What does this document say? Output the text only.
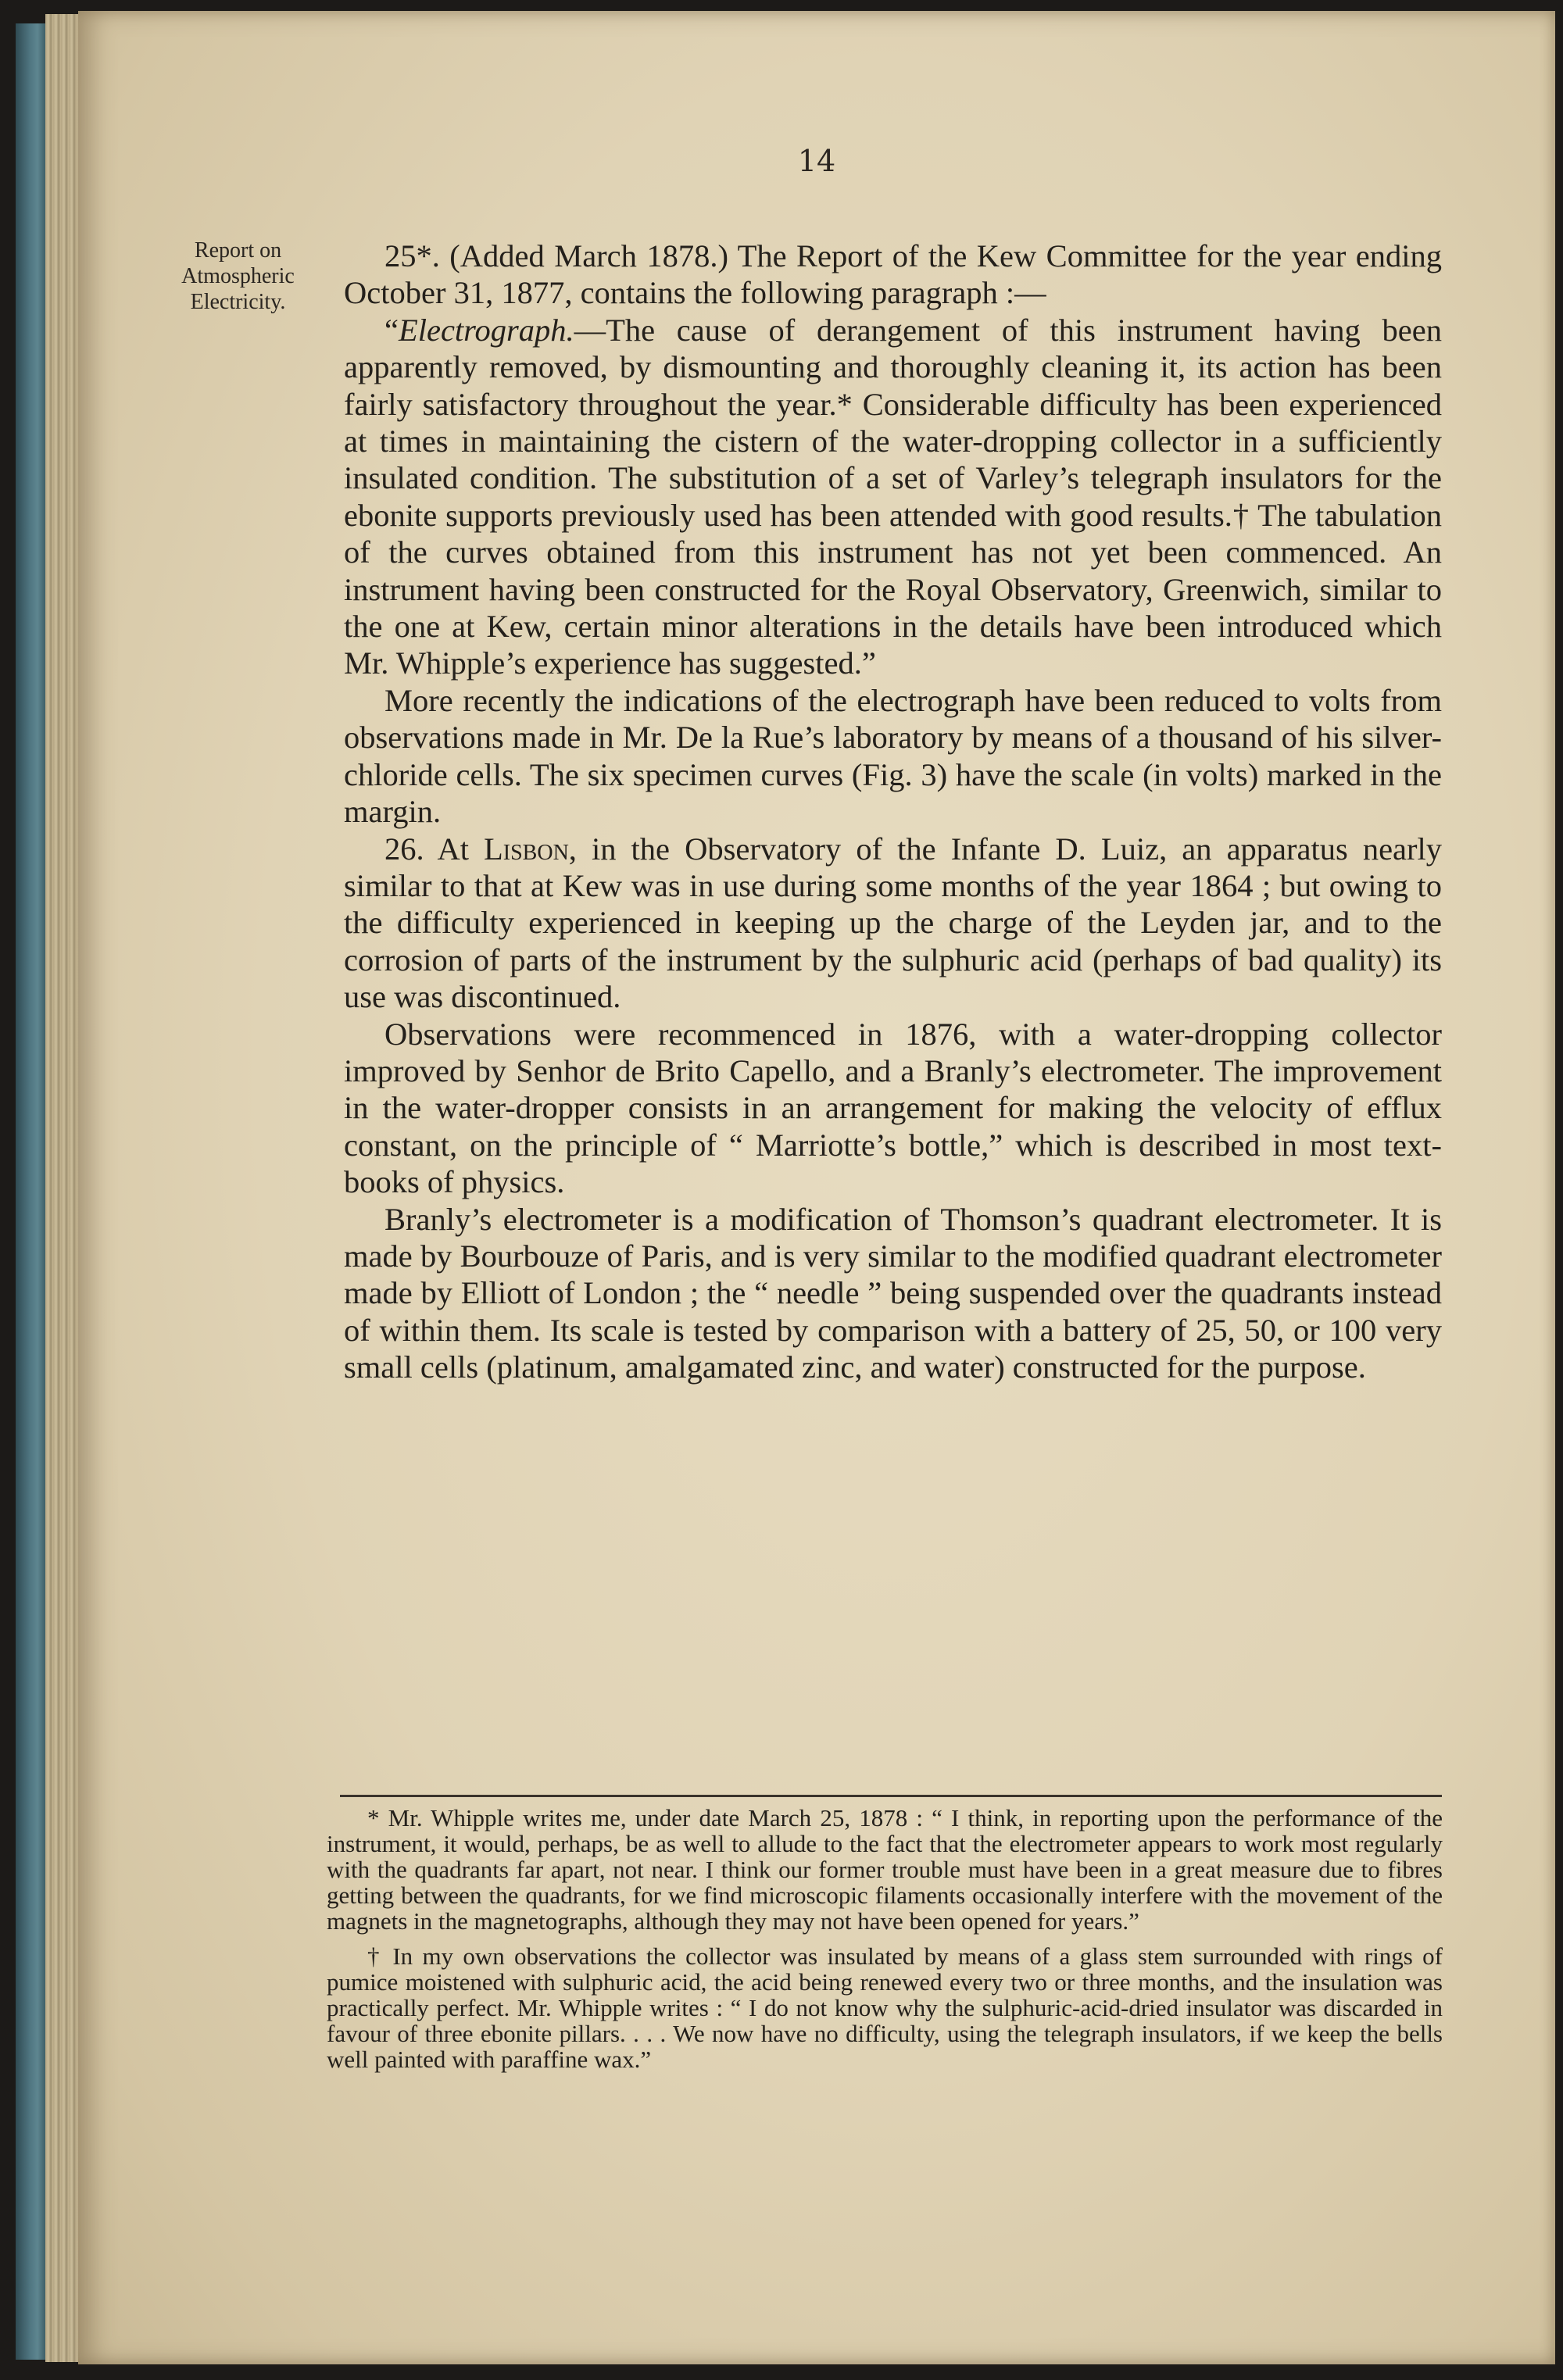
14
Report on
Atmospheric
Electricity.

25*. (Added March 1878.) The Report of the Kew Committee for the year ending October 31, 1877, contains the following paragraph :—

“Electrograph.—The cause of derangement of this instrument having been apparently removed, by dismounting and thoroughly cleaning it, its action has been fairly satisfactory throughout the year.* Considerable difficulty has been experienced at times in maintaining the cistern of the water-dropping collector in a sufficiently insulated condition. The substitution of a set of Varley’s telegraph insulators for the ebonite supports previously used has been attended with good results.† The tabulation of the curves obtained from this instrument has not yet been commenced. An instrument having been constructed for the Royal Observatory, Greenwich, similar to the one at Kew, certain minor alterations in the details have been introduced which Mr. Whipple’s experience has suggested.”

More recently the indications of the electrograph have been reduced to volts from observations made in Mr. De la Rue’s laboratory by means of a thousand of his silver-chloride cells. The six specimen curves (Fig. 3) have the scale (in volts) marked in the margin.

26. At Lisbon, in the Observatory of the Infante D. Luiz, an apparatus nearly similar to that at Kew was in use during some months of the year 1864 ; but owing to the difficulty experienced in keeping up the charge of the Leyden jar, and to the corrosion of parts of the instrument by the sulphuric acid (perhaps of bad quality) its use was discontinued.

Observations were recommenced in 1876, with a water-dropping collector improved by Senhor de Brito Capello, and a Branly’s electrometer. The improvement in the water-dropper consists in an arrangement for making the velocity of efflux constant, on the principle of “ Marriotte’s bottle,” which is described in most text-books of physics.

Branly’s electrometer is a modification of Thomson’s quadrant electrometer. It is made by Bourbouze of Paris, and is very similar to the modified quadrant electrometer made by Elliott of London ; the “ needle ” being suspended over the quadrants instead of within them. Its scale is tested by comparison with a battery of 25, 50, or 100 very small cells (platinum, amalgamated zinc, and water) constructed for the purpose.

* Mr. Whipple writes me, under date March 25, 1878 : “ I think, in reporting upon the performance of the instrument, it would, perhaps, be as well to allude to the fact that the electrometer appears to work most regularly with the quadrants far apart, not near. I think our former trouble must have been in a great measure due to fibres getting between the quadrants, for we find microscopic filaments occasionally interfere with the movement of the magnets in the magnetographs, although they may not have been opened for years.”

† In my own observations the collector was insulated by means of a glass stem surrounded with rings of pumice moistened with sulphuric acid, the acid being renewed every two or three months, and the insulation was practically perfect. Mr. Whipple writes : “ I do not know why the sulphuric-acid-dried insulator was discarded in favour of three ebonite pillars. . . . We now have no difficulty, using the telegraph insulators, if we keep the bells well painted with paraffine wax.”
